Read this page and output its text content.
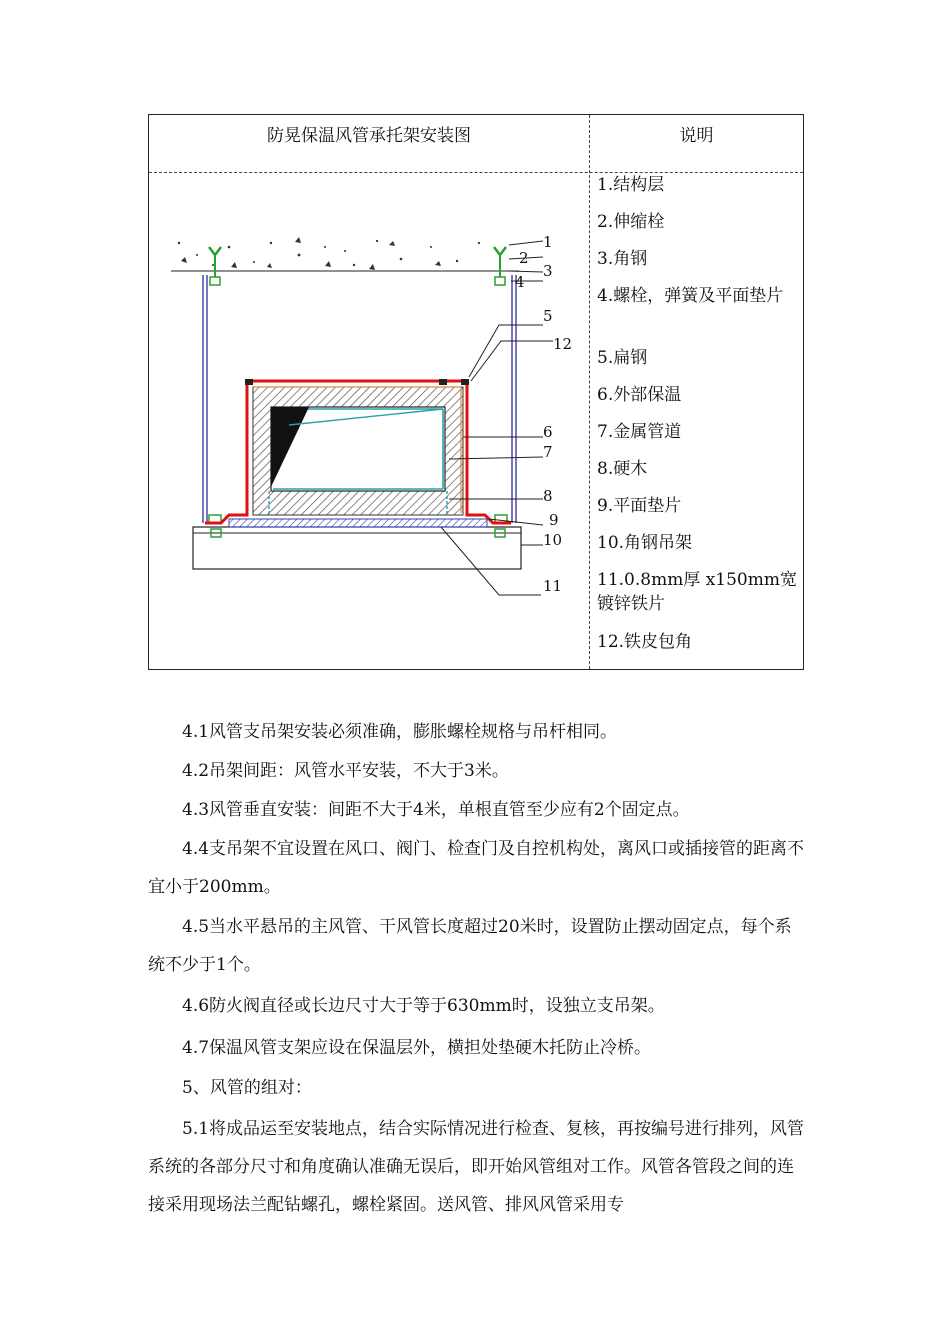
防晃保温风管承托架安装图	说明
1.结构层
2.伸缩栓
3.角钢
4.螺栓，弹簧及平面垫片
5.扁钢
6.外部保温
7.金属管道
8.硬木
9.平面垫片
10.角钢吊架
11.0.8mm厚 x150mm宽镀锌铁片
12.铁皮包角
1
2
3
4
5
12
6
7
8
9
10
11

4.1风管支吊架安装必须准确，膨胀螺栓规格与吊杆相同。

4.2吊架间距：风管水平安装，不大于3米。

4.3风管垂直安装：间距不大于4米，单根直管至少应有2个固定点。

4.4支吊架不宜设置在风口、阀门、检查门及自控机构处，离风口或插接管的距离不宜小于200mm。

4.5当水平悬吊的主风管、干风管长度超过20米时，设置防止摆动固定点，每个系统不少于1个。

4.6防火阀直径或长边尺寸大于等于630mm时，设独立支吊架。

4.7保温风管支架应设在保温层外，横担处垫硬木托防止冷桥。

5、风管的组对：

5.1将成品运至安装地点，结合实际情况进行检查、复核，再按编号进行排列，风管系统的各部分尺寸和角度确认准确无误后，即开始风管组对工作。风管各管段之间的连接采用现场法兰配钻螺孔，螺栓紧固。送风管、排风风管采用专
